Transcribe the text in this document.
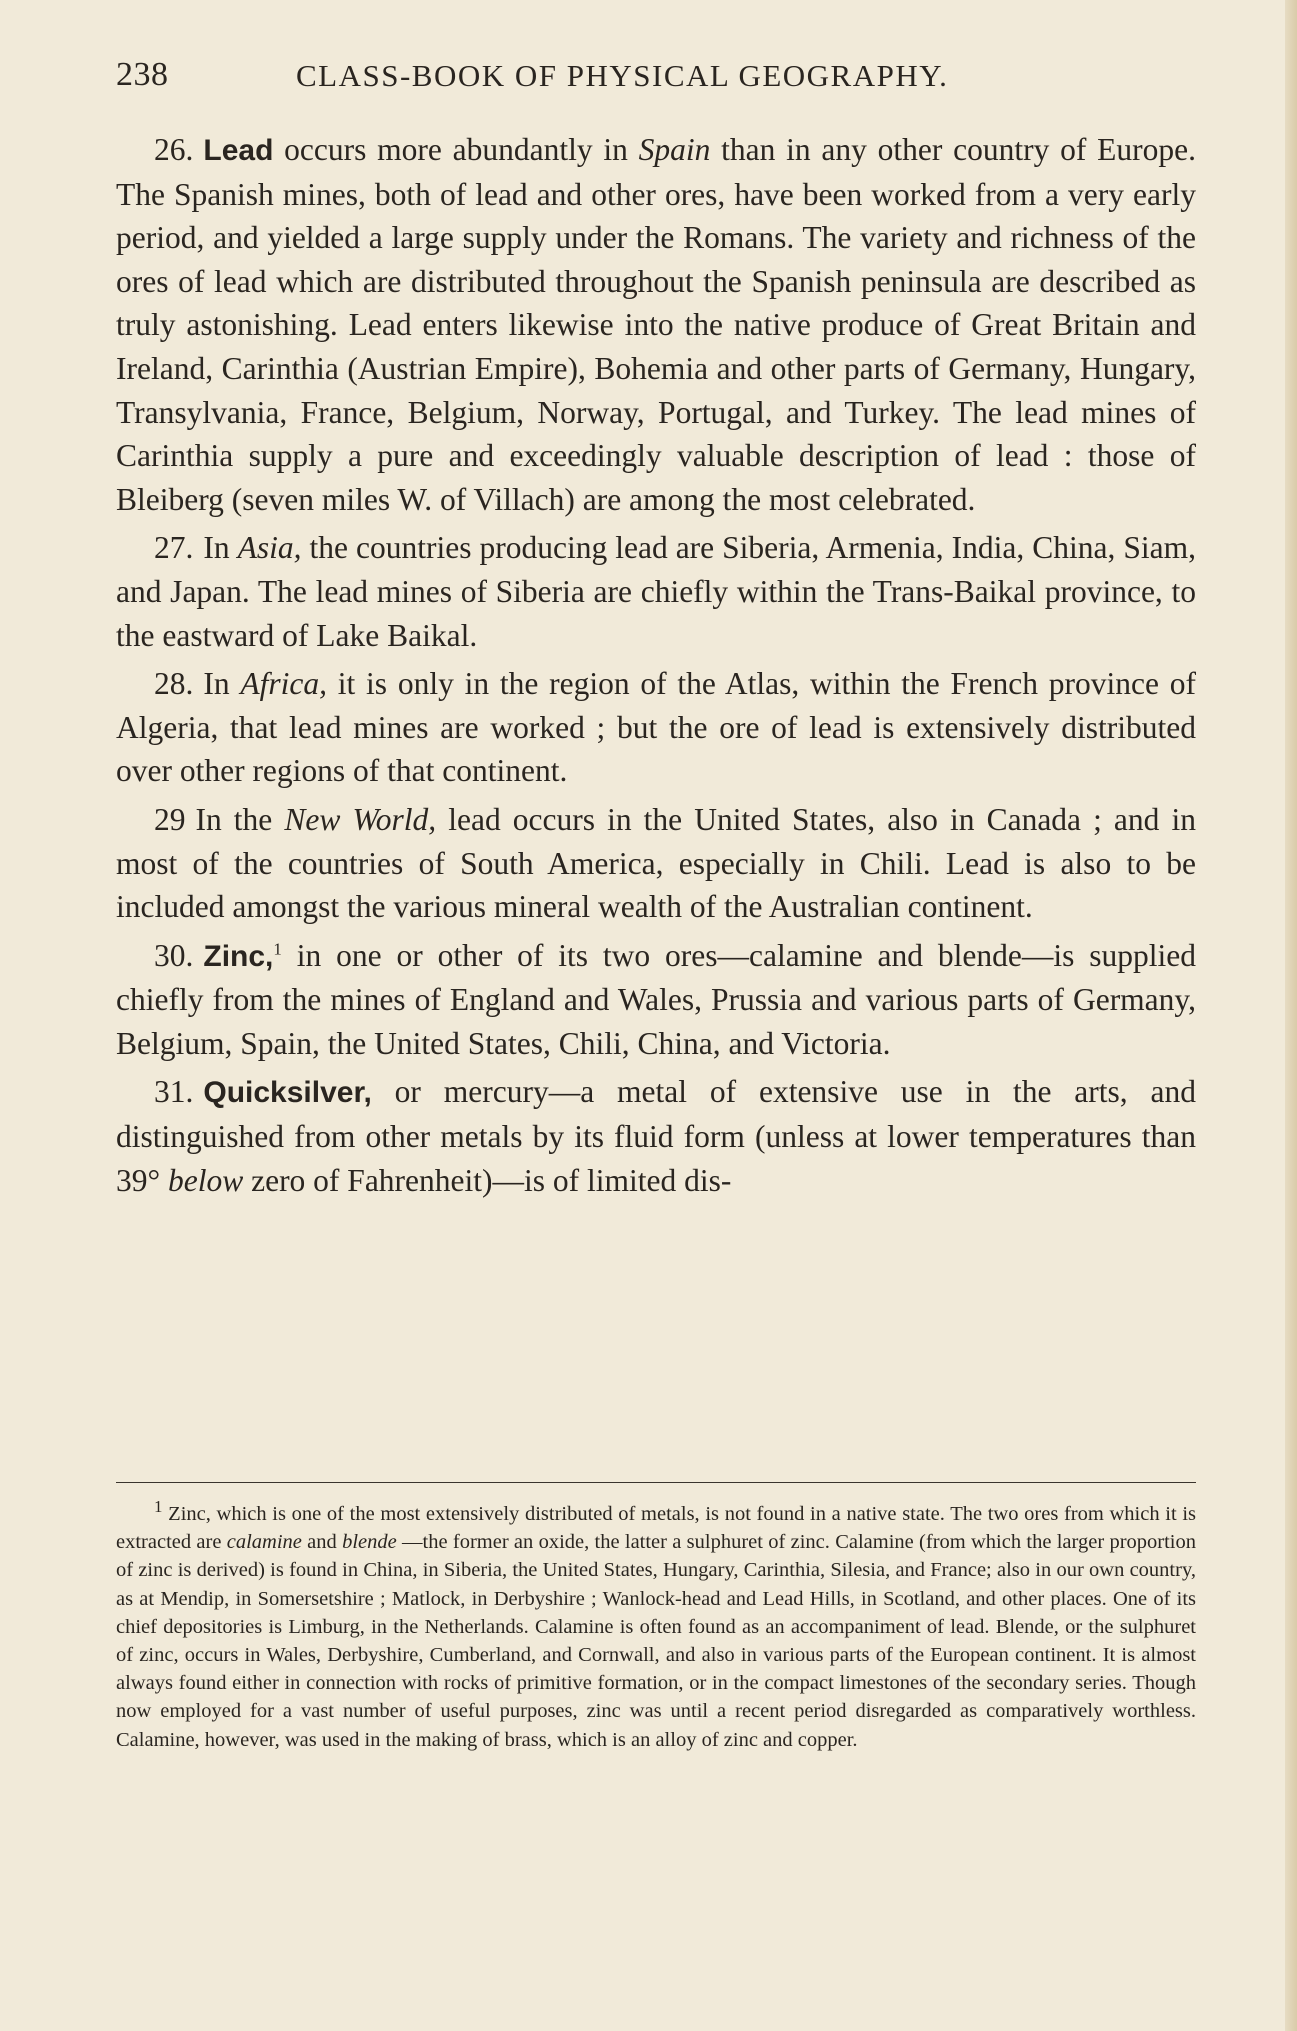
238	CLASS-BOOK OF PHYSICAL GEOGRAPHY.

26. Lead occurs more abundantly in Spain than in any other country of Europe. The Spanish mines, both of lead and other ores, have been worked from a very early period, and yielded a large supply under the Romans. The variety and richness of the ores of lead which are distributed throughout the Spanish peninsula are described as truly astonishing. Lead enters likewise into the native produce of Great Britain and Ireland, Carinthia (Austrian Empire), Bohemia and other parts of Germany, Hungary, Transylvania, France, Belgium, Norway, Portugal, and Turkey. The lead mines of Carinthia supply a pure and exceedingly valuable description of lead : those of Bleiberg (seven miles W. of Villach) are among the most celebrated.

27. In Asia, the countries producing lead are Siberia, Armenia, India, China, Siam, and Japan. The lead mines of Siberia are chiefly within the Trans-Baikal province, to the eastward of Lake Baikal.

28. In Africa, it is only in the region of the Atlas, within the French province of Algeria, that lead mines are worked ; but the ore of lead is extensively distributed over other regions of that continent.

29 In the New World, lead occurs in the United States, also in Canada ; and in most of the countries of South America, especially in Chili. Lead is also to be included amongst the various mineral wealth of the Australian continent.

30. Zinc,$^1$ in one or other of its two ores—calamine and blende—is supplied chiefly from the mines of England and Wales, Prussia and various parts of Germany, Belgium, Spain, the United States, Chili, China, and Victoria.

31. Quicksilver, or mercury—a metal of extensive use in the arts, and distinguished from other metals by its fluid form (unless at lower temperatures than 39° below zero of Fahrenheit)—is of limited dis-

$^1$ Zinc, which is one of the most extensively distributed of metals, is not found in a native state. The two ores from which it is extracted are calamine and blende —the former an oxide, the latter a sulphuret of zinc. Calamine (from which the larger proportion of zinc is derived) is found in China, in Siberia, the United States, Hungary, Carinthia, Silesia, and France; also in our own country, as at Mendip, in Somersetshire ; Matlock, in Derbyshire ; Wanlock-head and Lead Hills, in Scotland, and other places. One of its chief depositories is Limburg, in the Netherlands. Calamine is often found as an accompaniment of lead. Blende, or the sulphuret of zinc, occurs in Wales, Derbyshire, Cumberland, and Cornwall, and also in various parts of the European continent. It is almost always found either in connection with rocks of primitive formation, or in the compact limestones of the secondary series. Though now employed for a vast number of useful purposes, zinc was until a recent period disregarded as comparatively worthless. Calamine, however, was used in the making of brass, which is an alloy of zinc and copper.
